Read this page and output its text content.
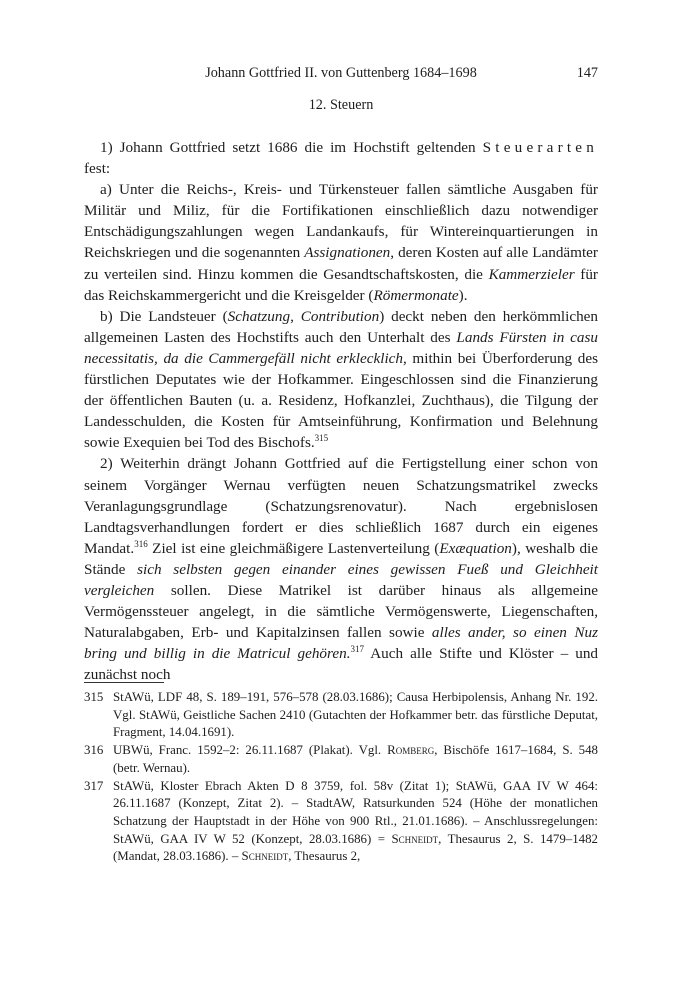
Johann Gottfried II. von Guttenberg 1684–1698	147
12. Steuern

1) Johann Gottfried setzt 1686 die im Hochstift geltenden Steuerarten fest:

a) Unter die Reichs-, Kreis- und Türkensteuer fallen sämtliche Ausgaben für Militär und Miliz, für die Fortifikationen einschließlich dazu notwendiger Entschädigungszahlungen wegen Landankaufs, für Wintereinquartierungen in Reichskriegen und die sogenannten Assignationen, deren Kosten auf alle Landämter zu verteilen sind. Hinzu kommen die Gesandtschaftskosten, die Kammerzieler für das Reichskammergericht und die Kreisgelder (Römermonate).

b) Die Landsteuer (Schatzung, Contribution) deckt neben den herkömmlichen allgemeinen Lasten des Hochstifts auch den Unterhalt des Lands Fürsten in casu necessitatis, da die Cammergefäll nicht erklecklich, mithin bei Überforderung des fürstlichen Deputates wie der Hofkammer. Eingeschlossen sind die Finanzierung der öffentlichen Bauten (u. a. Residenz, Hofkanzlei, Zuchthaus), die Tilgung der Landesschulden, die Kosten für Amtseinführung, Konfirmation und Belehnung sowie Exequien bei Tod des Bischofs.$^{315}$

2) Weiterhin drängt Johann Gottfried auf die Fertigstellung einer schon von seinem Vorgänger Wernau verfügten neuen Schatzungsmatrikel zwecks Veranlagungsgrundlage (Schatzungsrenovatur). Nach ergebnislosen Landtagsverhandlungen fordert er dies schließlich 1687 durch ein eigenes Mandat.$^{316}$ Ziel ist eine gleichmäßigere Lastenverteilung (Exæquation), weshalb die Stände sich selbsten gegen einander eines gewissen Fueß und Gleichheit vergleichen sollen. Diese Matrikel ist darüber hinaus als allgemeine Vermögenssteuer angelegt, in die sämtliche Vermögenswerte, Liegenschaften, Naturalabgaben, Erb- und Kapitalzinsen fallen sowie alles ander, so einen Nuz bring und billig in die Matricul gehören.$^{317}$ Auch alle Stifte und Klöster – und zunächst noch

315 StAWü, LDF 48, S. 189–191, 576–578 (28.03.1686); Causa Herbipolensis, Anhang Nr. 192. Vgl. StAWü, Geistliche Sachen 2410 (Gutachten der Hofkammer betr. das fürstliche Deputat, Fragment, 14.04.1691).
316 UBWü, Franc. 1592–2: 26.11.1687 (Plakat). Vgl. Romberg, Bischöfe 1617–1684, S. 548 (betr. Wernau).
317 StAWü, Kloster Ebrach Akten D 8 3759, fol. 58v (Zitat 1); StAWü, GAA IV W 464: 26.11.1687 (Konzept, Zitat 2). – StadtAW, Ratsurkunden 524 (Höhe der monatlichen Schatzung der Hauptstadt in der Höhe von 900 Rtl., 21.01.1686). – Anschlussregelungen: StAWü, GAA IV W 52 (Konzept, 28.03.1686) = Schneidt, Thesaurus 2, S. 1479–1482 (Mandat, 28.03.1686). – Schneidt, Thesaurus 2,
